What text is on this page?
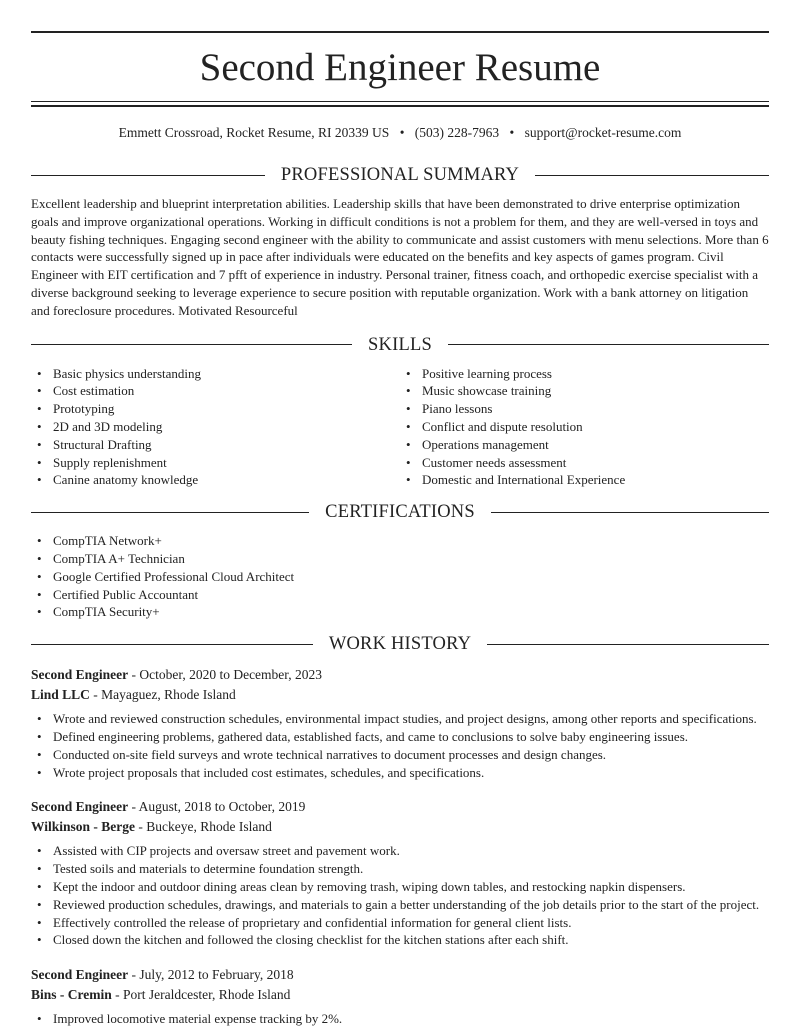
Second Engineer Resume
Emmett Crossroad, Rocket Resume, RI 20339 US • (503) 228-7963 • support@rocket-resume.com
PROFESSIONAL SUMMARY

Excellent leadership and blueprint interpretation abilities. Leadership skills that have been demonstrated to drive enterprise optimization goals and improve organizational operations. Working in difficult conditions is not a problem for them, and they are well-versed in toys and beauty fishing techniques. Engaging second engineer with the ability to communicate and assist customers with menu selections. More than 6 contacts were successfully signed up in pace after individuals were educated on the benefits and key aspects of games program. Civil Engineer with EIT certification and 7 pfft of experience in industry. Personal trainer, fitness coach, and orthopedic exercise specialist with a diverse background seeking to leverage experience to secure position with reputable organization. Work with a bank attorney on litigation and foreclosure procedures. Motivated Resourceful

SKILLS
• Basic physics understanding
• Cost estimation
• Prototyping
• 2D and 3D modeling
• Structural Drafting
• Supply replenishment
• Canine anatomy knowledge
• Positive learning process
• Music showcase training
• Piano lessons
• Conflict and dispute resolution
• Operations management
• Customer needs assessment
• Domestic and International Experience
CERTIFICATIONS
• CompTIA Network+
• CompTIA A+ Technician
• Google Certified Professional Cloud Architect
• Certified Public Accountant
• CompTIA Security+
WORK HISTORY
Second Engineer - October, 2020 to December, 2023
Lind LLC - Mayaguez, Rhode Island
• Wrote and reviewed construction schedules, environmental impact studies, and project designs, among other reports and specifications.
• Defined engineering problems, gathered data, established facts, and came to conclusions to solve baby engineering issues.
• Conducted on-site field surveys and wrote technical narratives to document processes and design changes.
• Wrote project proposals that included cost estimates, schedules, and specifications.
Second Engineer - August, 2018 to October, 2019
Wilkinson - Berge - Buckeye, Rhode Island
• Assisted with CIP projects and oversaw street and pavement work.
• Tested soils and materials to determine foundation strength.
• Kept the indoor and outdoor dining areas clean by removing trash, wiping down tables, and restocking napkin dispensers.
• Reviewed production schedules, drawings, and materials to gain a better understanding of the job details prior to the start of the project.
• Effectively controlled the release of proprietary and confidential information for general client lists.
• Closed down the kitchen and followed the closing checklist for the kitchen stations after each shift.
Second Engineer - July, 2012 to February, 2018
Bins - Cremin - Port Jeraldcester, Rhode Island
• Improved locomotive material expense tracking by 2%.
